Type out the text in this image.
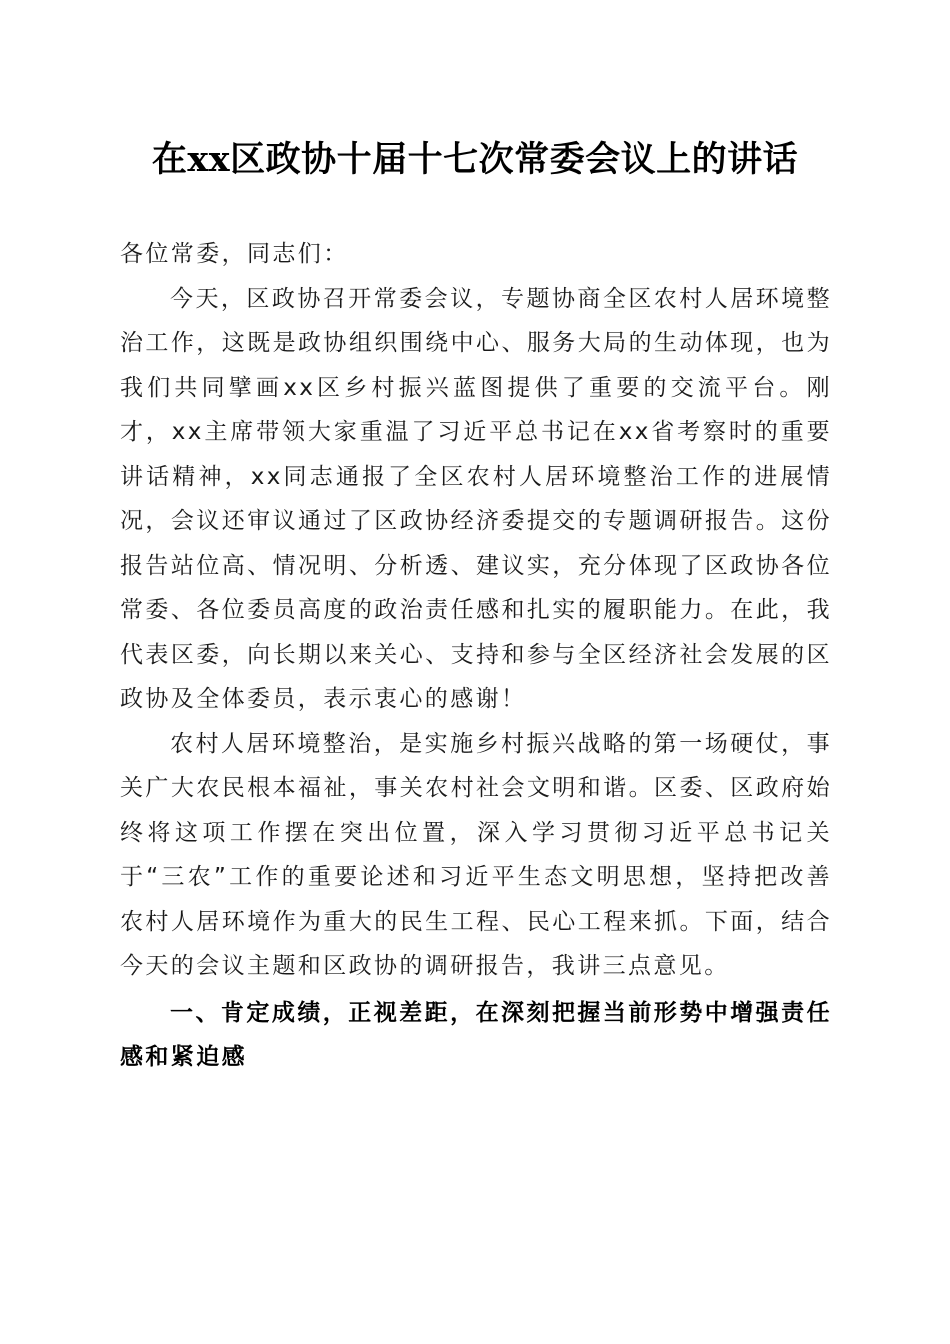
在xx区政协十届十七次常委会议上的讲话

各位常委，同志们：

今天，区政协召开常委会议，专题协商全区农村人居环境整治工作，这既是政协组织围绕中心、服务大局的生动体现，也为我们共同擘画xx区乡村振兴蓝图提供了重要的交流平台。刚才，xx主席带领大家重温了习近平总书记在xx省考察时的重要讲话精神，xx同志通报了全区农村人居环境整治工作的进展情况，会议还审议通过了区政协经济委提交的专题调研报告。这份报告站位高、情况明、分析透、建议实，充分体现了区政协各位常委、各位委员高度的政治责任感和扎实的履职能力。在此，我代表区委，向长期以来关心、支持和参与全区经济社会发展的区政协及全体委员，表示衷心的感谢！

农村人居环境整治，是实施乡村振兴战略的第一场硬仗，事关广大农民根本福祉，事关农村社会文明和谐。区委、区政府始终将这项工作摆在突出位置，深入学习贯彻习近平总书记关于“三农”工作的重要论述和习近平生态文明思想，坚持把改善农村人居环境作为重大的民生工程、民心工程来抓。下面，结合今天的会议主题和区政协的调研报告，我讲三点意见。

一、肯定成绩，正视差距，在深刻把握当前形势中增强责任感和紧迫感
